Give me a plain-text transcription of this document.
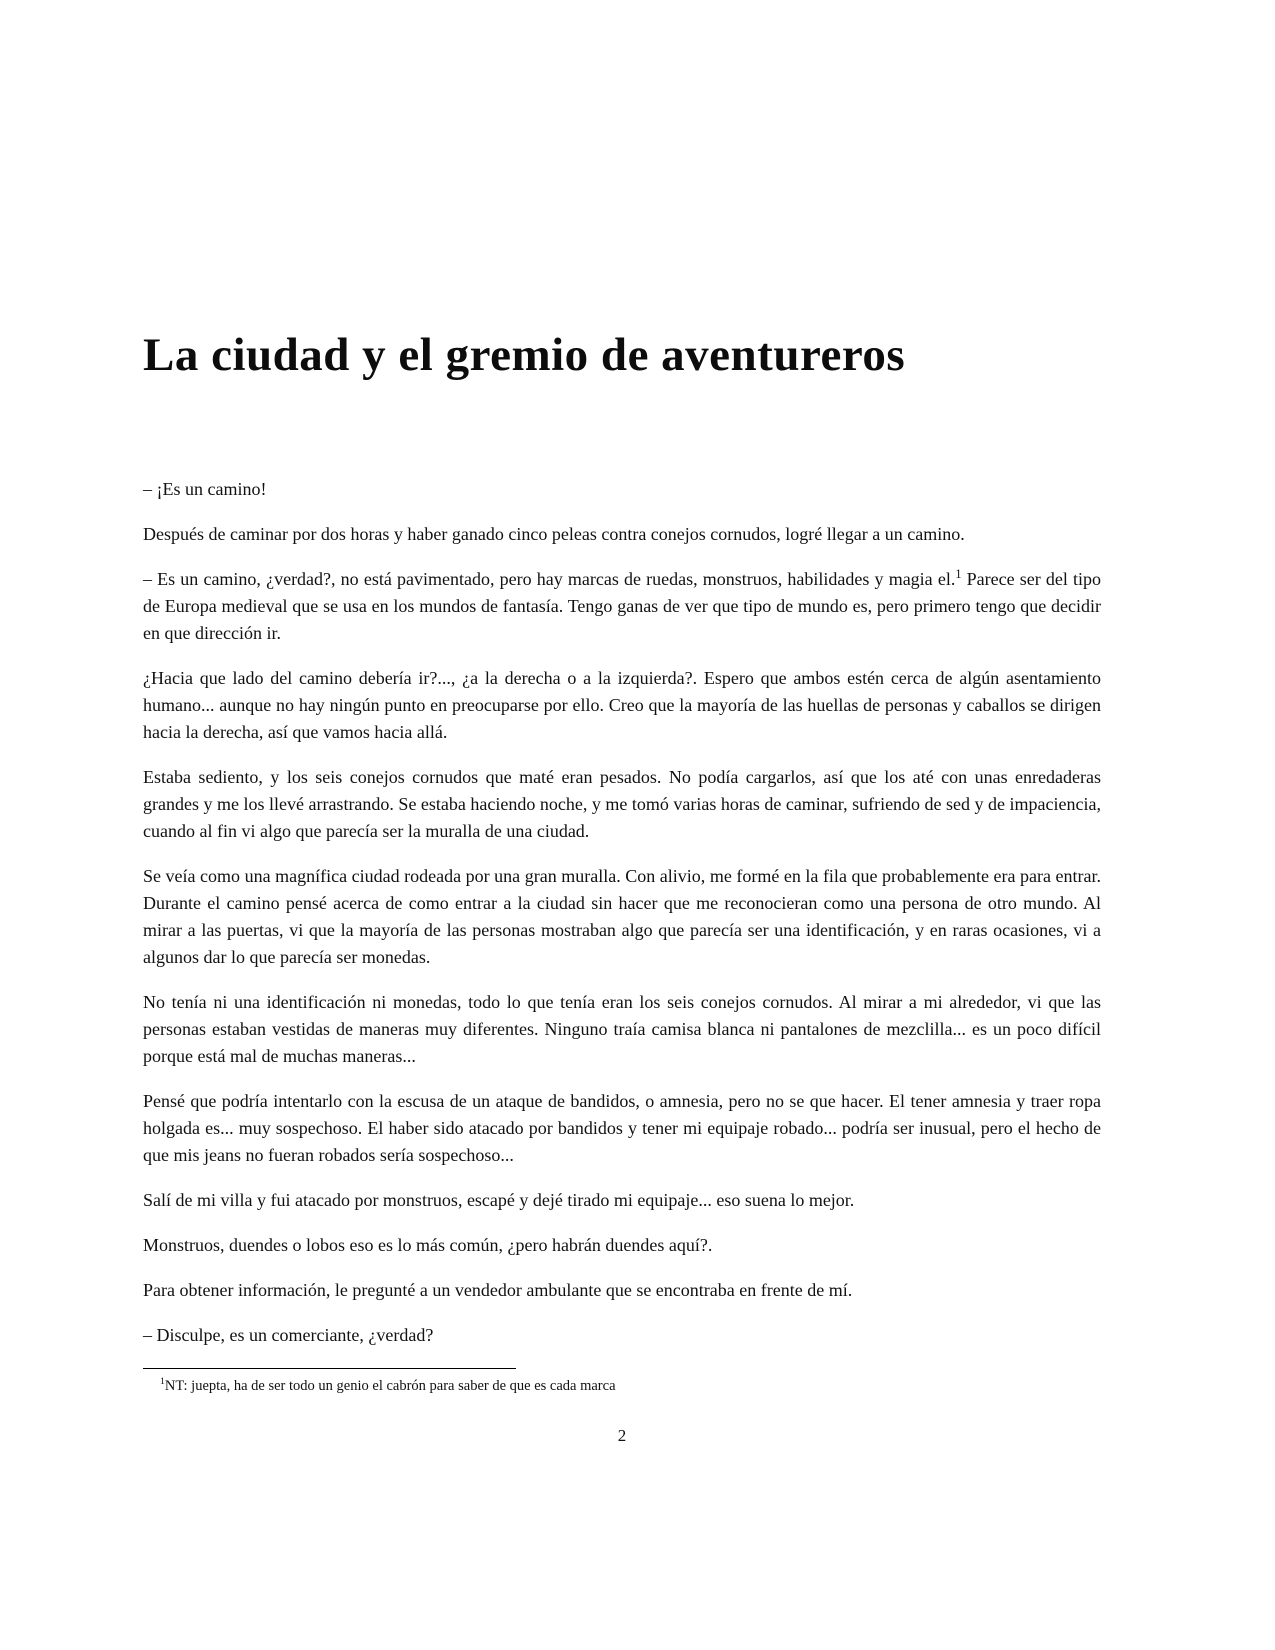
La ciudad y el gremio de aventureros

– ¡Es un camino!

Después de caminar por dos horas y haber ganado cinco peleas contra conejos cornudos, logré llegar a un camino.

– Es un camino, ¿verdad?, no está pavimentado, pero hay marcas de ruedas, monstruos, habilidades y magia el.$^1$ Parece ser del tipo de Europa medieval que se usa en los mundos de fantasía. Tengo ganas de ver que tipo de mundo es, pero primero tengo que decidir en que dirección ir.

¿Hacia que lado del camino debería ir?..., ¿a la derecha o a la izquierda?. Espero que ambos estén cerca de algún asentamiento humano... aunque no hay ningún punto en preocuparse por ello. Creo que la mayoría de las huellas de personas y caballos se dirigen hacia la derecha, así que vamos hacia allá.

Estaba sediento, y los seis conejos cornudos que maté eran pesados. No podía cargarlos, así que los até con unas enredaderas grandes y me los llevé arrastrando. Se estaba haciendo noche, y me tomó varias horas de caminar, sufriendo de sed y de impaciencia, cuando al fin vi algo que parecía ser la muralla de una ciudad.

Se veía como una magnífica ciudad rodeada por una gran muralla. Con alivio, me formé en la fila que probablemente era para entrar. Durante el camino pensé acerca de como entrar a la ciudad sin hacer que me reconocieran como una persona de otro mundo. Al mirar a las puertas, vi que la mayoría de las personas mostraban algo que parecía ser una identificación, y en raras ocasiones, vi a algunos dar lo que parecía ser monedas.

No tenía ni una identificación ni monedas, todo lo que tenía eran los seis conejos cornudos. Al mirar a mi alrededor, vi que las personas estaban vestidas de maneras muy diferentes. Ninguno traía camisa blanca ni pantalones de mezclilla... es un poco difícil porque está mal de muchas maneras...

Pensé que podría intentarlo con la escusa de un ataque de bandidos, o amnesia, pero no se que hacer. El tener amnesia y traer ropa holgada es... muy sospechoso. El haber sido atacado por bandidos y tener mi equipaje robado... podría ser inusual, pero el hecho de que mis jeans no fueran robados sería sospechoso...

Salí de mi villa y fui atacado por monstruos, escapé y dejé tirado mi equipaje... eso suena lo mejor.

Monstruos, duendes o lobos eso es lo más común, ¿pero habrán duendes aquí?.

Para obtener información, le pregunté a un vendedor ambulante que se encontraba en frente de mí.

– Disculpe, es un comerciante, ¿verdad?

$^1$NT: juepta, ha de ser todo un genio el cabrón para saber de que es cada marca

2
